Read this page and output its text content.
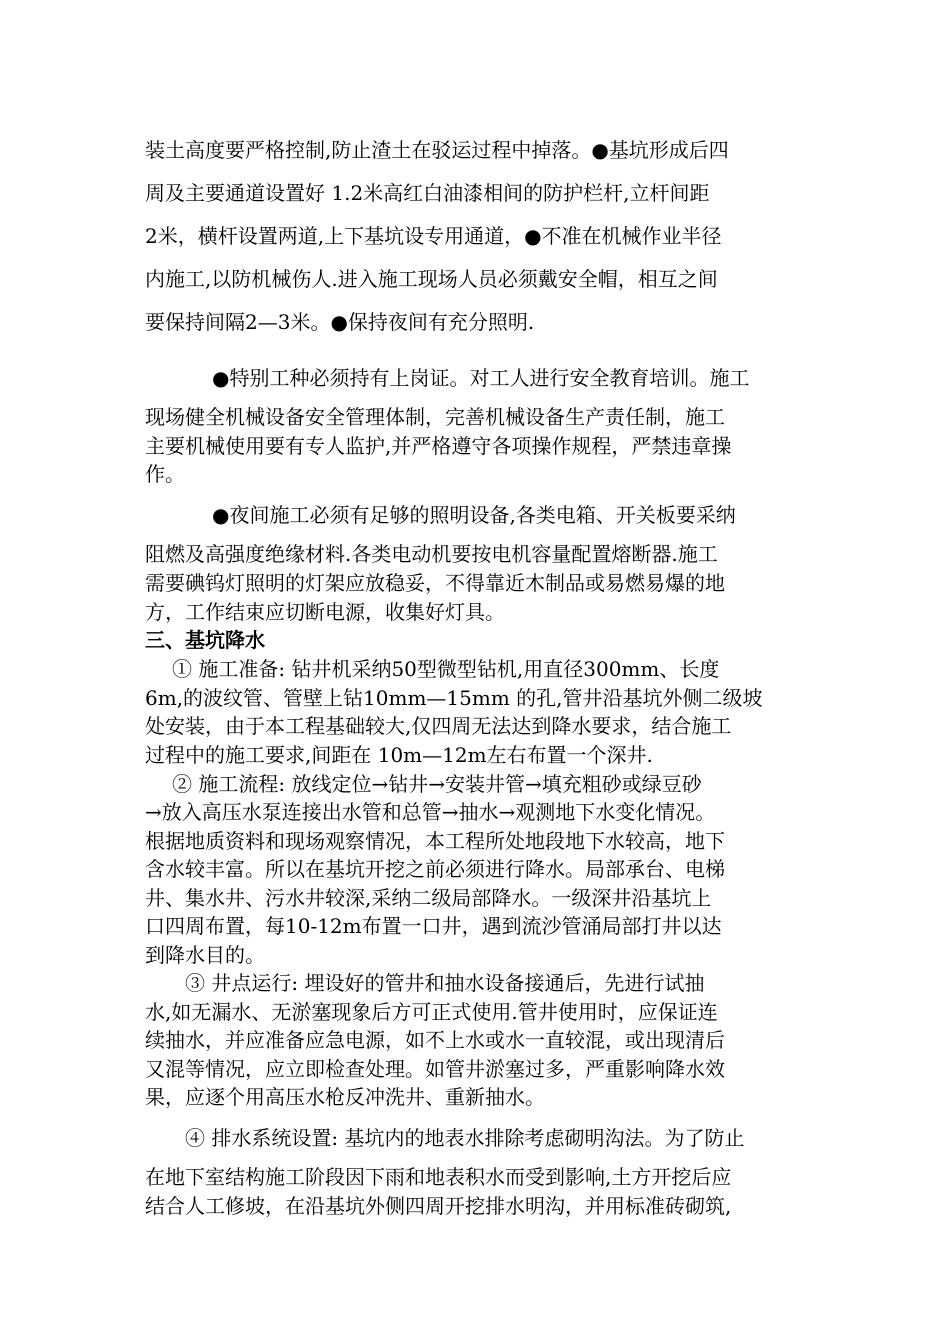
装土高度要严格控制,防止渣土在驳运过程中掉落。●基坑形成后四
周及主要通道设置好 1.2米高红白油漆相间的防护栏杆,立杆间距
2米，横杆设置两道,上下基坑设专用通道，●不准在机械作业半径
内施工,以防机械伤人.进入施工现场人员必须戴安全帽，相互之间
要保持间隔2—3米。●保持夜间有充分照明.
●特别工种必须持有上岗证。对工人进行安全教育培训。施工
现场健全机械设备安全管理体制，完善机械设备生产责任制，施工
主要机械使用要有专人监护,并严格遵守各项操作规程，严禁违章操
作。
●夜间施工必须有足够的照明设备,各类电箱、开关板要采纳
阻燃及高强度绝缘材料.各类电动机要按电机容量配置熔断器.施工
需要碘钨灯照明的灯架应放稳妥，不得靠近木制品或易燃易爆的地
方，工作结束应切断电源，收集好灯具。
三、基坑降水
① 施工准备: 钻井机采纳50型微型钻机,用直径300mm、长度
6m,的波纹管、管壁上钻10mm—15mm 的孔,管井沿基坑外侧二级坡
处安装，由于本工程基础较大,仅四周无法达到降水要求，结合施工
过程中的施工要求,间距在 10m—12m左右布置一个深井.
② 施工流程: 放线定位→钻井→安装井管→填充粗砂或绿豆砂
→放入高压水泵连接出水管和总管→抽水→观测地下水变化情况。
根据地质资料和现场观察情况，本工程所处地段地下水较高，地下
含水较丰富。所以在基坑开挖之前必须进行降水。局部承台、电梯
井、集水井、污水井较深,采纳二级局部降水。一级深井沿基坑上
口四周布置，每10-12m布置一口井，遇到流沙管涌局部打井以达
到降水目的。
③ 井点运行: 埋设好的管井和抽水设备接通后，先进行试抽
水,如无漏水、无淤塞现象后方可正式使用.管井使用时，应保证连
续抽水，并应准备应急电源，如不上水或水一直较混，或出现清后
又混等情况，应立即检查处理。如管井淤塞过多，严重影响降水效
果，应逐个用高压水枪反冲洗井、重新抽水。
④ 排水系统设置: 基坑内的地表水排除考虑砌明沟法。为了防止
在地下室结构施工阶段因下雨和地表积水而受到影响,土方开挖后应
结合人工修坡，在沿基坑外侧四周开挖排水明沟，并用标准砖砌筑,
